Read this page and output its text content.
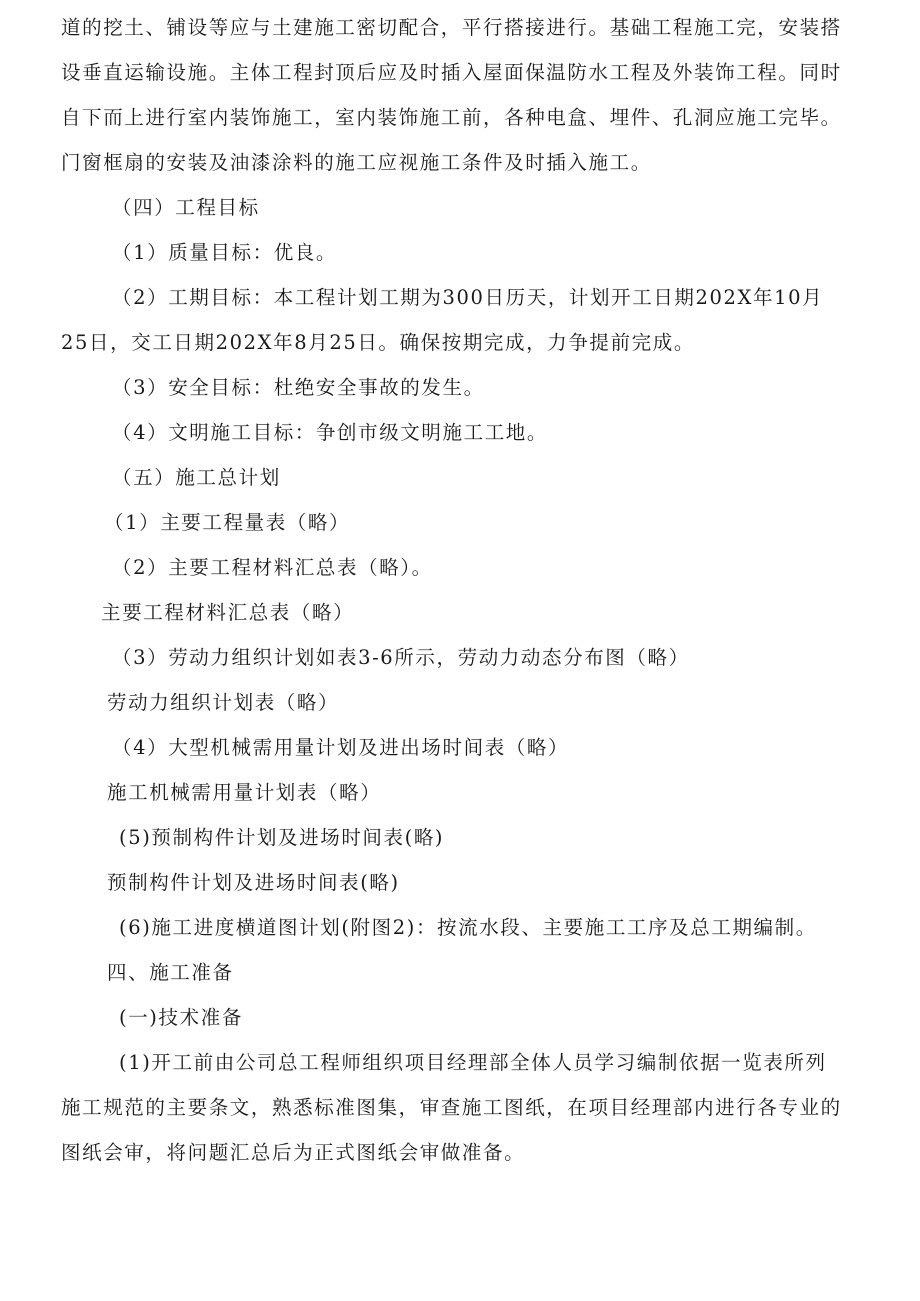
道的挖土、铺设等应与土建施工密切配合，平行搭接进行。基础工程施工完，安装搭
设垂直运输设施。主体工程封顶后应及时插入屋面保温防水工程及外装饰工程。同时
自下而上进行室内装饰施工，室内装饰施工前，各种电盒、埋件、孔洞应施工完毕。
门窗框扇的安装及油漆涂料的施工应视施工条件及时插入施工。
（四）工程目标
（1）质量目标：优良。
（2）工期目标：本工程计划工期为300日历天，计划开工日期202X年10月
25日，交工日期202X年8月25日。确保按期完成，力争提前完成。
（3）安全目标：杜绝安全事故的发生。
（4）文明施工目标：争创市级文明施工工地。
（五）施工总计划
（1）主要工程量表（略）
（2）主要工程材料汇总表（略）。
主要工程材料汇总表（略）
（3）劳动力组织计划如表3-6所示，劳动力动态分布图（略）
劳动力组织计划表（略）
（4）大型机械需用量计划及进出场时间表（略）
施工机械需用量计划表（略）
(5)预制构件计划及进场时间表(略)
预制构件计划及进场时间表(略)
(6)施工进度横道图计划(附图2)：按流水段、主要施工工序及总工期编制。
四、施工准备
(一)技术准备
(1)开工前由公司总工程师组织项目经理部全体人员学习编制依据一览表所列
施工规范的主要条文，熟悉标准图集，审查施工图纸，在项目经理部内进行各专业的
图纸会审，将问题汇总后为正式图纸会审做准备。
